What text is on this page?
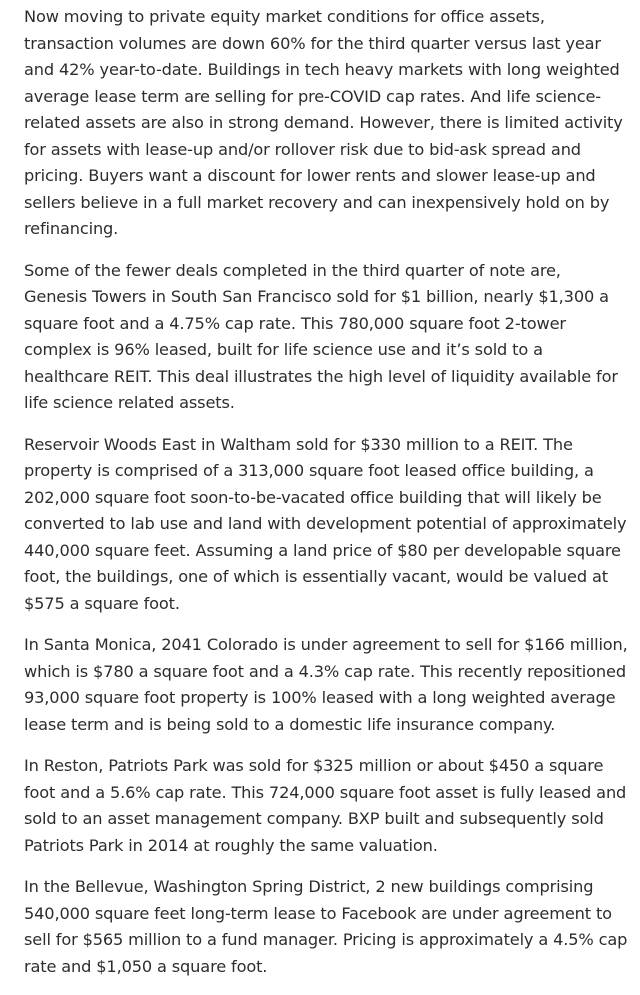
Now moving to private equity market conditions for office assets, transaction volumes are down 60% for the third quarter versus last year and 42% year-to-date. Buildings in tech heavy markets with long weighted average lease term are selling for pre-COVID cap rates. And life science-related assets are also in strong demand. However, there is limited activity for assets with lease-up and/or rollover risk due to bid-ask spread and pricing. Buyers want a discount for lower rents and slower lease-up and sellers believe in a full market recovery and can inexpensively hold on by refinancing.

Some of the fewer deals completed in the third quarter of note are, Genesis Towers in South San Francisco sold for $1 billion, nearly $1,300 a square foot and a 4.75% cap rate. This 780,000 square foot 2-tower complex is 96% leased, built for life science use and it’s sold to a healthcare REIT. This deal illustrates the high level of liquidity available for life science related assets.

Reservoir Woods East in Waltham sold for $330 million to a REIT. The property is comprised of a 313,000 square foot leased office building, a 202,000 square foot soon-to-be-vacated office building that will likely be converted to lab use and land with development potential of approximately 440,000 square feet. Assuming a land price of $80 per developable square foot, the buildings, one of which is essentially vacant, would be valued at $575 a square foot.

In Santa Monica, 2041 Colorado is under agreement to sell for $166 million, which is $780 a square foot and a 4.3% cap rate. This recently repositioned 93,000 square foot property is 100% leased with a long weighted average lease term and is being sold to a domestic life insurance company.

In Reston, Patriots Park was sold for $325 million or about $450 a square foot and a 5.6% cap rate. This 724,000 square foot asset is fully leased and sold to an asset management company. BXP built and subsequently sold Patriots Park in 2014 at roughly the same valuation.

In the Bellevue, Washington Spring District, 2 new buildings comprising 540,000 square feet long-term lease to Facebook are under agreement to sell for $565 million to a fund manager. Pricing is approximately a 4.5% cap rate and $1,050 a square foot.
